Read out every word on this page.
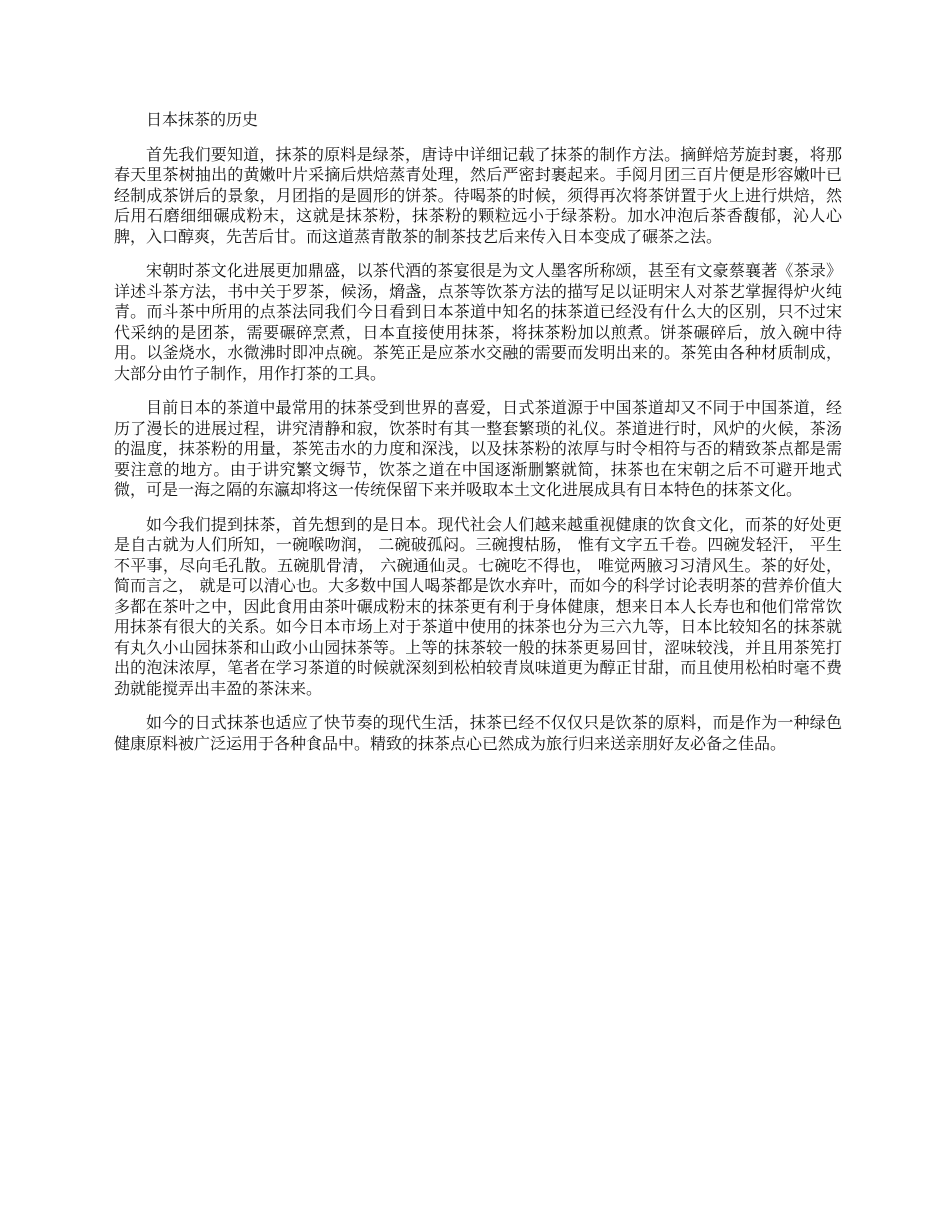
日本抹茶的历史

首先我们要知道，抹茶的原料是绿茶，唐诗中详细记载了抹茶的制作方法。摘鲜焙芳旋封裹，将那春天里茶树抽出的黄嫩叶片采摘后烘焙蒸青处理，然后严密封裹起来。手阅月团三百片便是形容嫩叶已经制成茶饼后的景象，月团指的是圆形的饼茶。待喝茶的时候，须得再次将茶饼置于火上进行烘焙，然后用石磨细细碾成粉末，这就是抹茶粉，抹茶粉的颗粒远小于绿茶粉。加水冲泡后茶香馥郁，沁人心脾，入口醇爽，先苦后甘。而这道蒸青散茶的制茶技艺后来传入日本变成了碾茶之法。

宋朝时茶文化进展更加鼎盛，以茶代酒的茶宴很是为文人墨客所称颂，甚至有文豪蔡襄著《茶录》详述斗茶方法，书中关于罗茶，候汤，熁盏，点茶等饮茶方法的描写足以证明宋人对茶艺掌握得炉火纯青。而斗茶中所用的点茶法同我们今日看到日本茶道中知名的抹茶道已经没有什么大的区别，只不过宋代采纳的是团茶，需要碾碎烹煮，日本直接使用抹茶，将抹茶粉加以煎煮。饼茶碾碎后，放入碗中待用。以釜烧水，水微沸时即冲点碗。茶筅正是应茶水交融的需要而发明出来的。茶筅由各种材质制成，大部分由竹子制作，用作打茶的工具。

目前日本的茶道中最常用的抹茶受到世界的喜爱，日式茶道源于中国茶道却又不同于中国茶道，经历了漫长的进展过程，讲究清静和寂，饮茶时有其一整套繁琐的礼仪。茶道进行时，风炉的火候，茶汤的温度，抹茶粉的用量，茶筅击水的力度和深浅，以及抹茶粉的浓厚与时令相符与否的精致茶点都是需要注意的地方。由于讲究繁文缛节，饮茶之道在中国逐渐删繁就简，抹茶也在宋朝之后不可避开地式微，可是一海之隔的东瀛却将这一传统保留下来并吸取本土文化进展成具有日本特色的抹茶文化。

如今我们提到抹茶，首先想到的是日本。现代社会人们越来越重视健康的饮食文化，而茶的好处更是自古就为人们所知，一碗喉吻润， 二碗破孤闷。三碗搜枯肠， 惟有文字五千卷。四碗发轻汗， 平生不平事，尽向毛孔散。五碗肌骨清， 六碗通仙灵。七碗吃不得也， 唯觉两腋习习清风生。茶的好处，简而言之， 就是可以清心也。大多数中国人喝茶都是饮水弃叶，而如今的科学讨论表明茶的营养价值大多都在茶叶之中，因此食用由茶叶碾成粉末的抹茶更有利于身体健康，想来日本人长寿也和他们常常饮用抹茶有很大的关系。如今日本市场上对于茶道中使用的抹茶也分为三六九等，日本比较知名的抹茶就有丸久小山园抹茶和山政小山园抹茶等。上等的抹茶较一般的抹茶更易回甘，涩味较浅，并且用茶筅打出的泡沫浓厚，笔者在学习茶道的时候就深刻到松柏较青岚味道更为醇正甘甜，而且使用松柏时毫不费劲就能搅弄出丰盈的茶沫来。

如今的日式抹茶也适应了快节奏的现代生活，抹茶已经不仅仅只是饮茶的原料，而是作为一种绿色健康原料被广泛运用于各种食品中。精致的抹茶点心已然成为旅行归来送亲朋好友必备之佳品。
